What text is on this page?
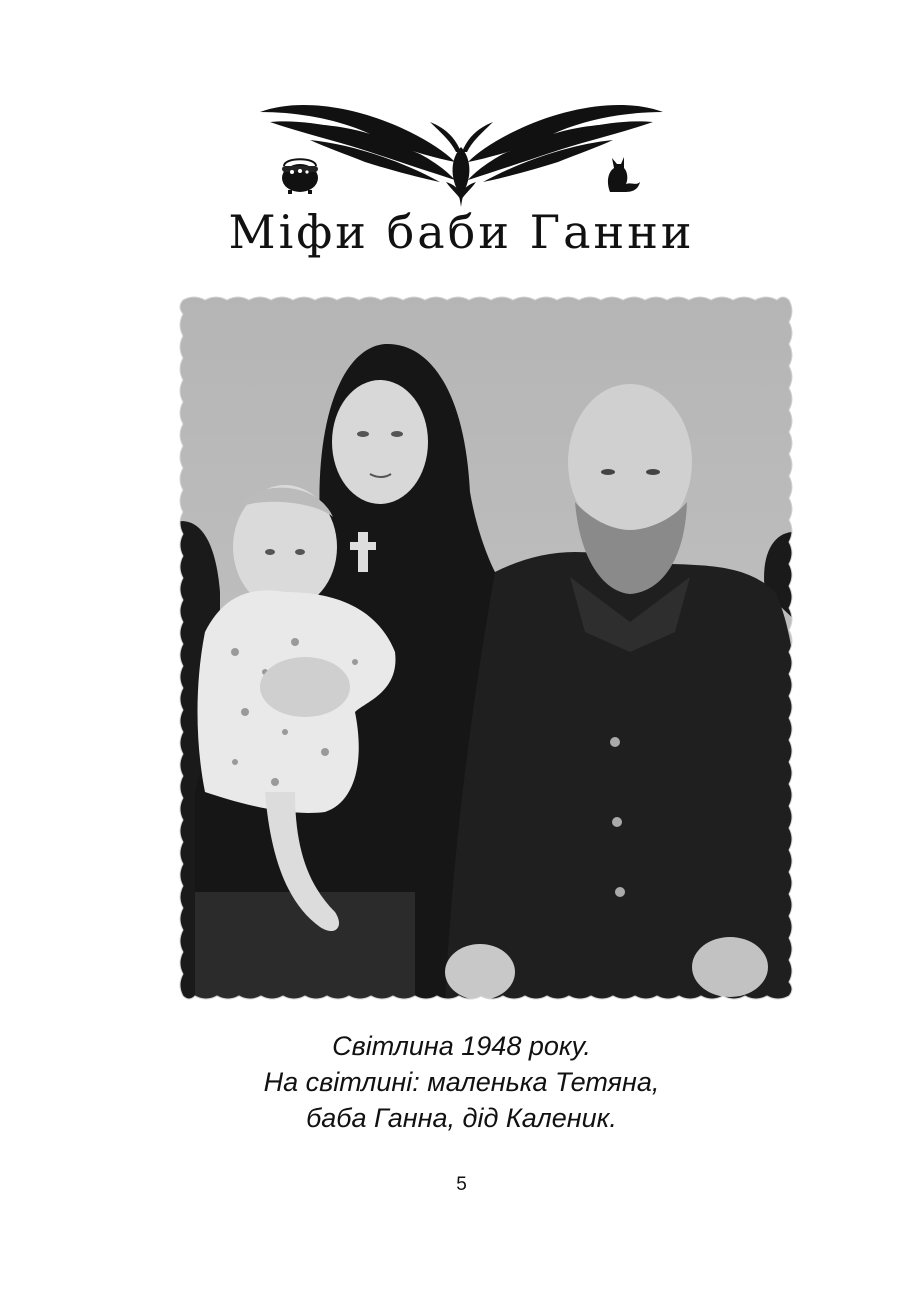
Міфи баби Ганни
Світлина 1948 року.
На світлині: маленька Тетяна,
баба Ганна, дід Каленик.
5
